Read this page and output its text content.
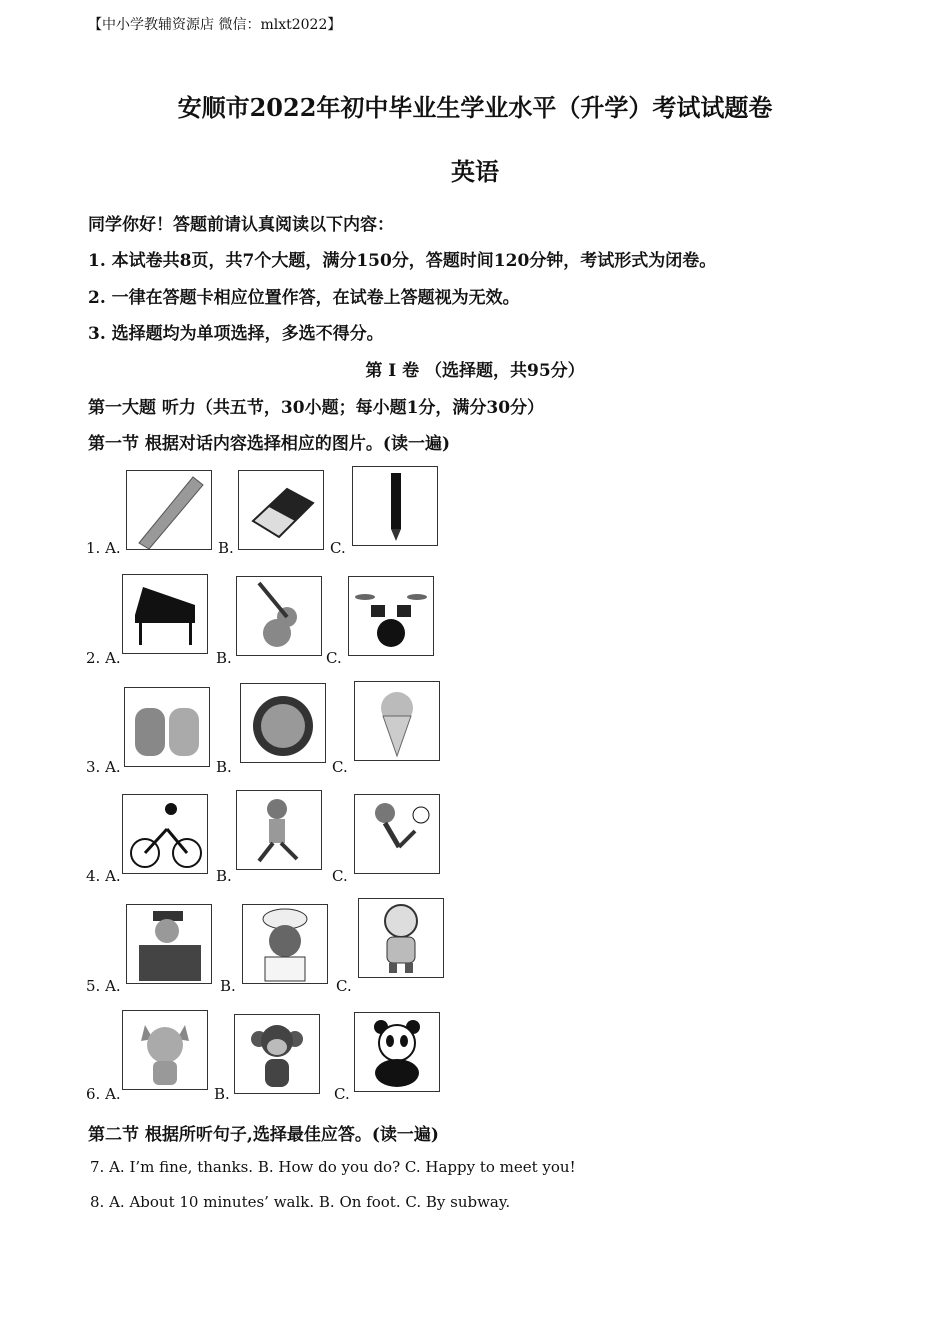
【中小学教辅资源店 微信：mlxt2022】
安顺市2022年初中毕业生学业水平（升学）考试试题卷
英语
同学你好！答题前请认真阅读以下内容：
1. 本试卷共8页，共7个大题，满分150分，答题时间120分钟，考试形式为闭卷。
2. 一律在答题卡相应位置作答，在试卷上答题视为无效。
3. 选择题均为单项选择，多选不得分。
第 I 卷 （选择题，共95分）
第一大题 听力（共五节，30小题；每小题1分，满分30分）
第一节 根据对话内容选择相应的图片。(读一遍)
1. A.	B.	C.
2. A.	B.	C.
3. A.	B.	C.
4. A.	B.	C.
5. A.	B.	C.
6. A.	B.	C.
第二节 根据所听句子,选择最佳应答。(读一遍)
7. A. I’m fine, thanks. B. How do you do? C. Happy to meet you!
8. A. About 10 minutes’ walk. B. On foot. C. By subway.
